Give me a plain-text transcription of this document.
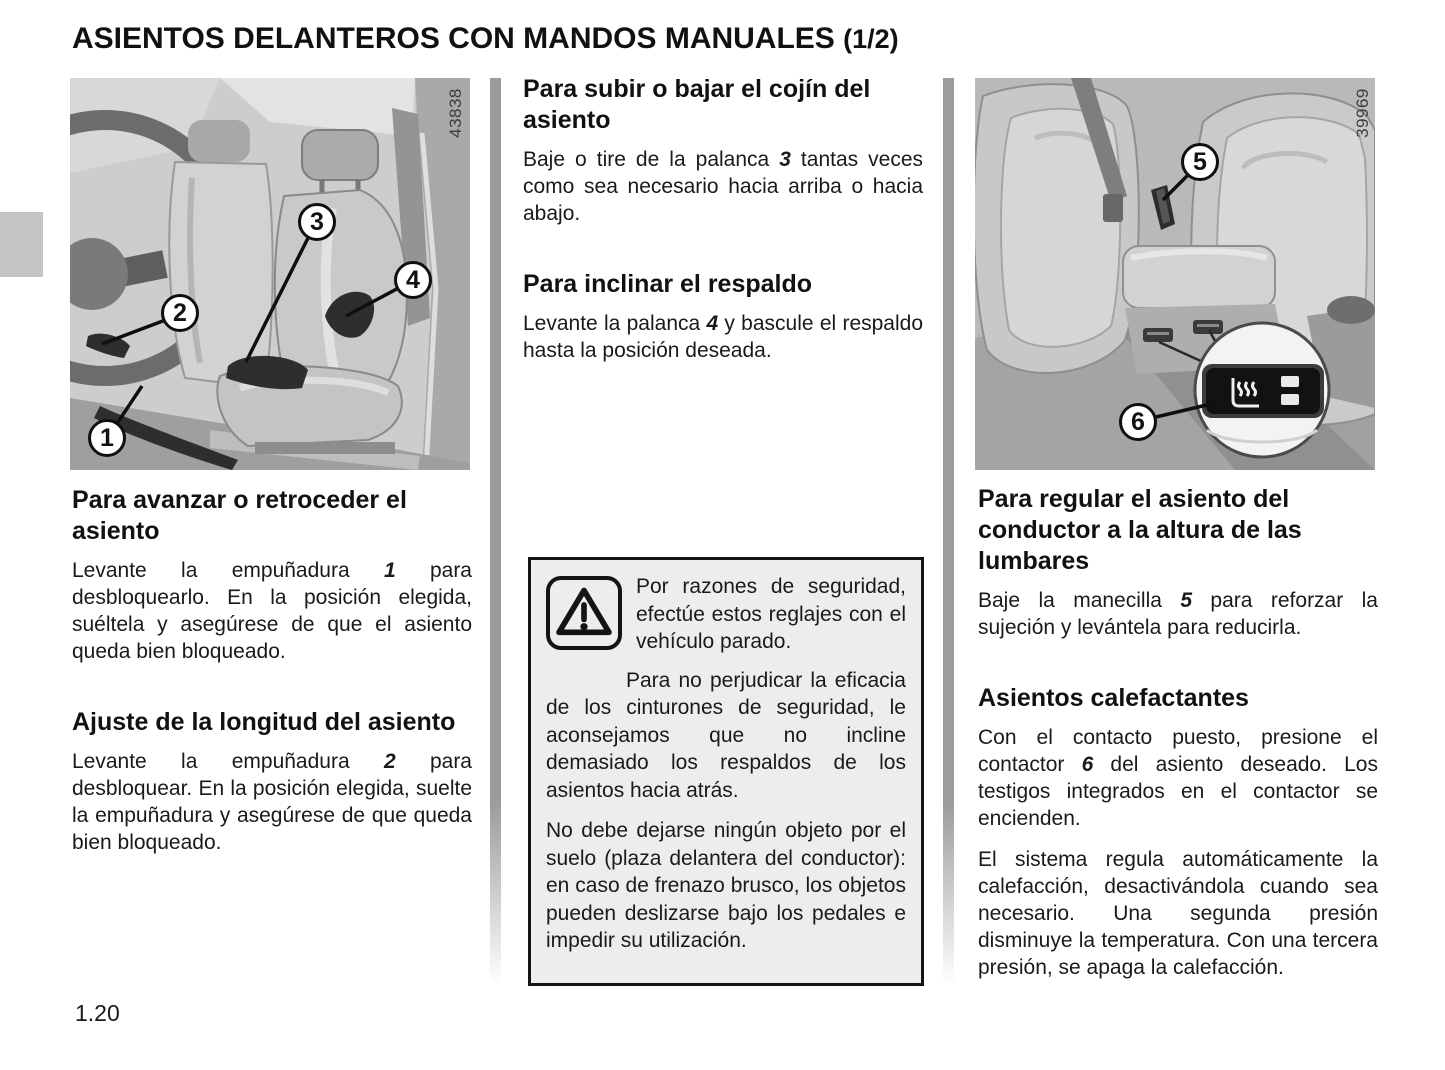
ASIENTOS DELANTEROS CON MANDOS MANUALES (1/2)
43838
1
2
3
4
39969
5
6
Para avanzar o retroceder el asiento

Levante la empuñadura 1 para desbloquearlo. En la posición elegida, suéltela y asegúrese de que el asiento queda bien bloqueado.

Ajuste de la longitud del asiento

Levante la empuñadura 2 para desbloquear. En la posición elegida, suelte la empuñadura y asegúrese de que queda bien bloqueado.

Para subir o bajar el cojín del asiento

Baje o tire de la palanca 3 tantas veces como sea necesario hacia arriba o hacia abajo.

Para inclinar el respaldo

Levante la palanca 4 y bascule el respaldo hasta la posición deseada.

Por razones de seguridad, efectúe estos reglajes con el vehículo parado.

Para no perjudicar la eficacia de los cinturones de seguridad, le aconsejamos que no incline demasiado los respaldos de los asientos hacia atrás.

No debe dejarse ningún objeto por el suelo (plaza delantera del conductor): en caso de frenazo brusco, los objetos pueden deslizarse bajo los pedales e impedir su utilización.

Para regular el asiento del conductor a la altura de las lumbares

Baje la manecilla 5 para reforzar la sujeción y levántela para reducirla.

Asientos calefactantes

Con el contacto puesto, presione el contactor 6 del asiento deseado. Los testigos integrados en el contactor se encienden.

El sistema regula automáticamente la calefacción, desactivándola cuando sea necesario. Una segunda presión disminuye la temperatura. Con una tercera presión, se apaga la calefacción.

1.20
